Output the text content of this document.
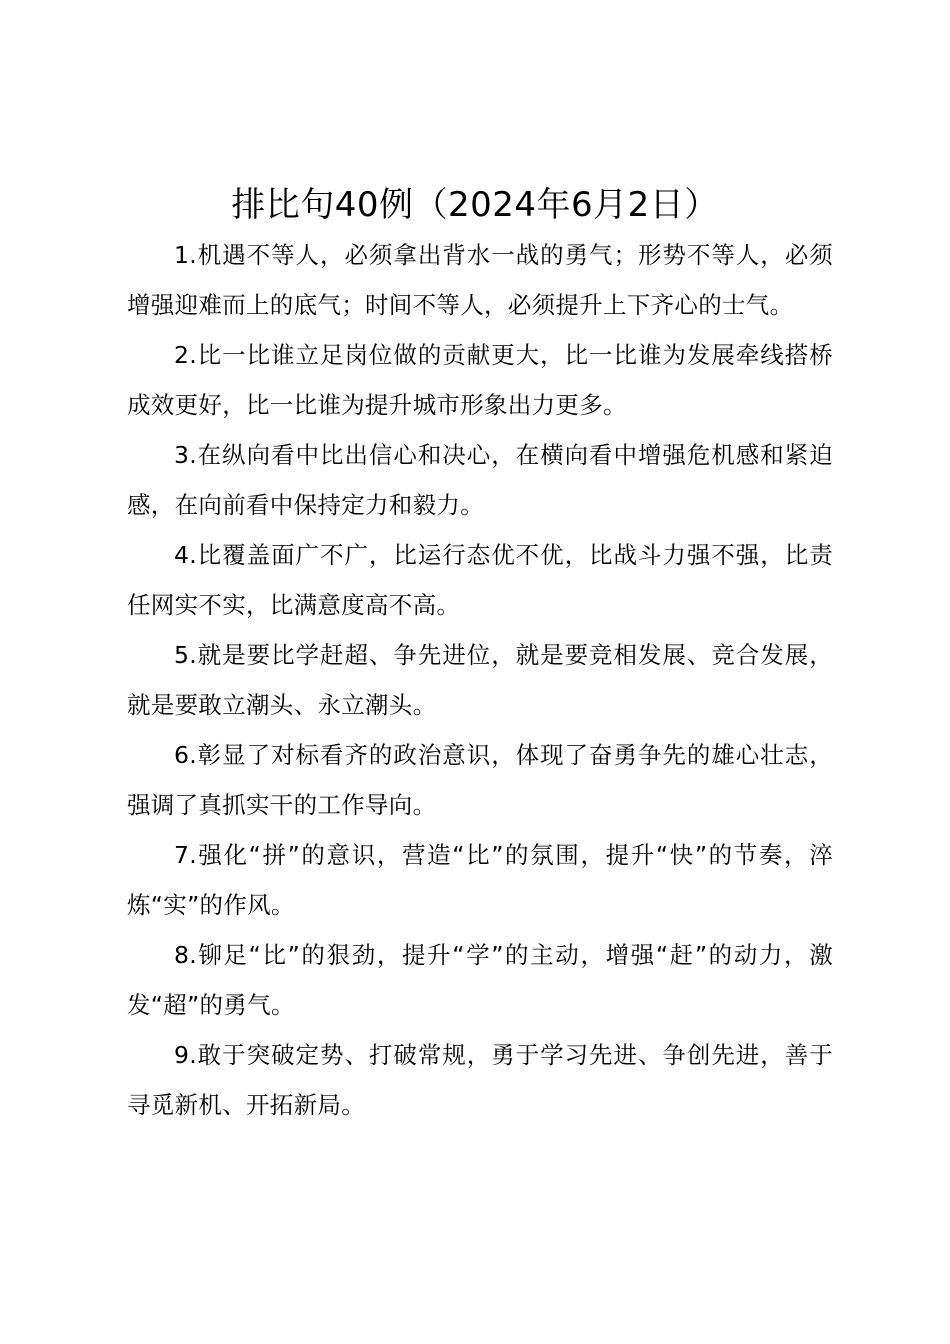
排比句40例（2024年6月2日）

1.机遇不等人，必须拿出背水一战的勇气；形势不等人，必须增强迎难而上的底气；时间不等人，必须提升上下齐心的士气。

2.比一比谁立足岗位做的贡献更大，比一比谁为发展牵线搭桥成效更好，比一比谁为提升城市形象出力更多。

3.在纵向看中比出信心和决心，在横向看中增强危机感和紧迫感，在向前看中保持定力和毅力。

4.比覆盖面广不广，比运行态优不优，比战斗力强不强，比责任网实不实，比满意度高不高。

5.就是要比学赶超、争先进位，就是要竞相发展、竞合发展，就是要敢立潮头、永立潮头。

6.彰显了对标看齐的政治意识，体现了奋勇争先的雄心壮志，强调了真抓实干的工作导向。

7.强化“拼”的意识，营造“比”的氛围，提升“快”的节奏，淬炼“实”的作风。

8.铆足“比”的狠劲，提升“学”的主动，增强“赶”的动力，激发“超”的勇气。

9.敢于突破定势、打破常规，勇于学习先进、争创先进，善于寻觅新机、开拓新局。
